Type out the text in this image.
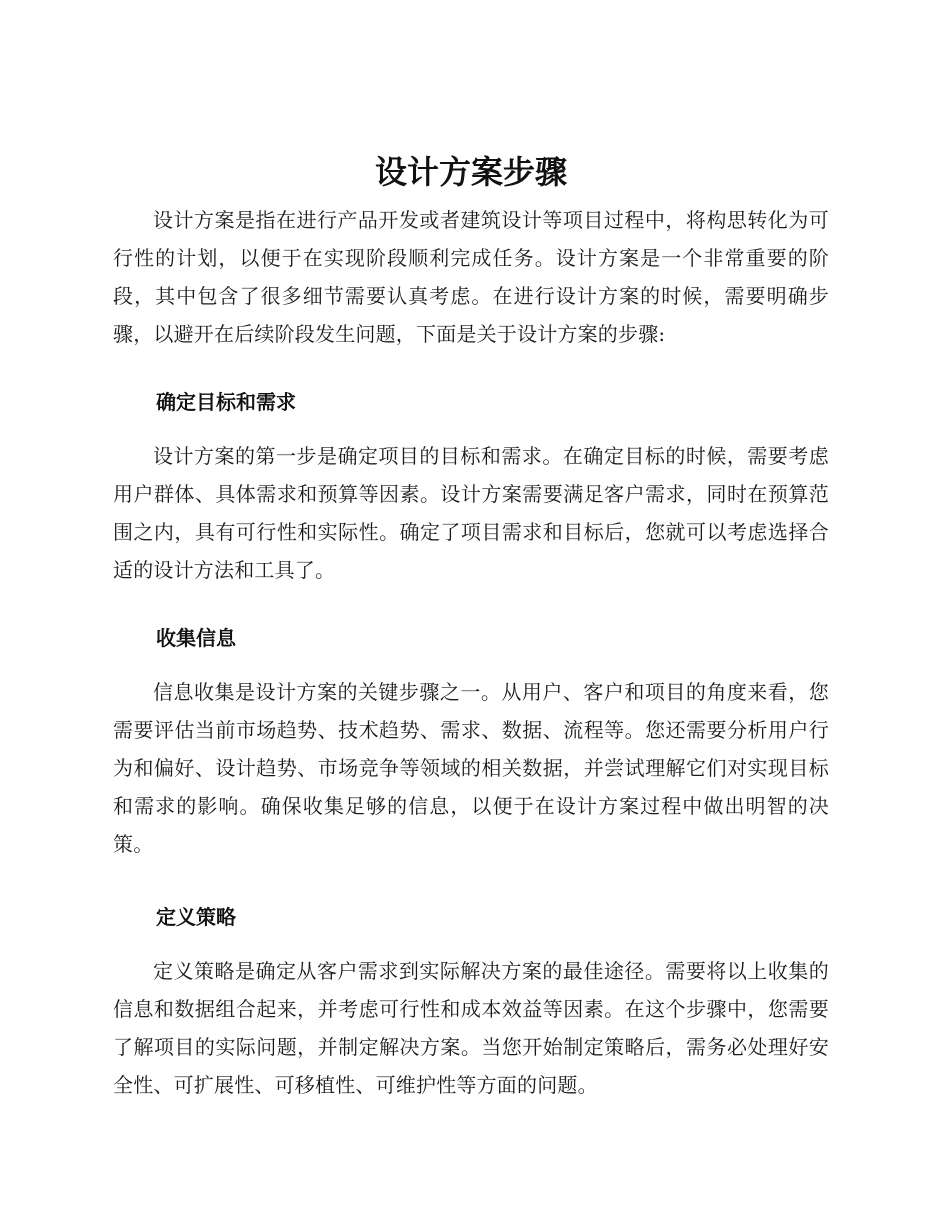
设计方案步骤

设计方案是指在进行产品开发或者建筑设计等项目过程中，将构思转化为可行性的计划，以便于在实现阶段顺利完成任务。设计方案是一个非常重要的阶段，其中包含了很多细节需要认真考虑。在进行设计方案的时候，需要明确步骤，以避开在后续阶段发生问题，下面是关于设计方案的步骤:

确定目标和需求

设计方案的第一步是确定项目的目标和需求。在确定目标的时候，需要考虑用户群体、具体需求和预算等因素。设计方案需要满足客户需求，同时在预算范围之内，具有可行性和实际性。确定了项目需求和目标后，您就可以考虑选择合适的设计方法和工具了。

收集信息

信息收集是设计方案的关键步骤之一。从用户、客户和项目的角度来看，您需要评估当前市场趋势、技术趋势、需求、数据、流程等。您还需要分析用户行为和偏好、设计趋势、市场竞争等领域的相关数据，并尝试理解它们对实现目标和需求的影响。确保收集足够的信息，以便于在设计方案过程中做出明智的决策。

定义策略

定义策略是确定从客户需求到实际解决方案的最佳途径。需要将以上收集的信息和数据组合起来，并考虑可行性和成本效益等因素。在这个步骤中，您需要了解项目的实际问题，并制定解决方案。当您开始制定策略后，需务必处理好安全性、可扩展性、可移植性、可维护性等方面的问题。
